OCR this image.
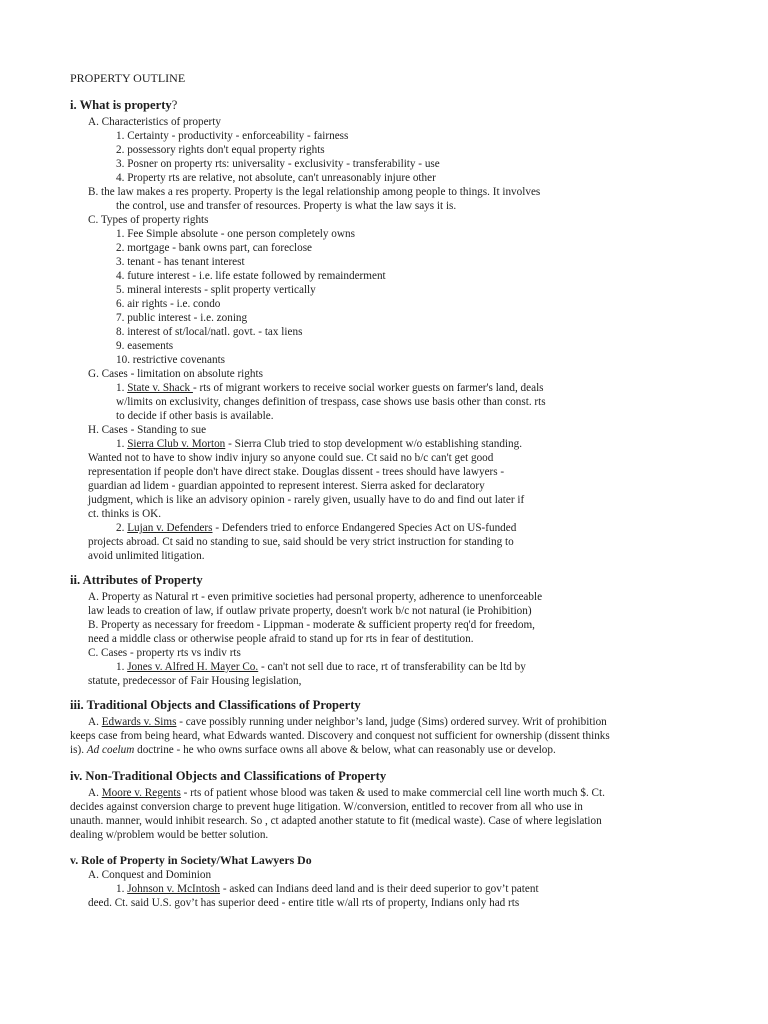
PROPERTY OUTLINE
i. What is property?
A. Characteristics of property
1. Certainty - productivity - enforceability - fairness
2. possessory rights don't equal property rights
3. Posner on property rts: universality - exclusivity - transferability - use
4. Property rts are relative, not absolute, can't unreasonably injure other
B. the law makes a res property. Property is the legal relationship among people to things. It involves
the control, use and transfer of resources. Property is what the law says it is.
C. Types of property rights
1. Fee Simple absolute - one person completely owns
2. mortgage - bank owns part, can foreclose
3. tenant - has tenant interest
4. future interest - i.e. life estate followed by remainderment
5. mineral interests - split property vertically
6. air rights - i.e. condo
7. public interest - i.e. zoning
8. interest of st/local/natl. govt. - tax liens
9. easements
10. restrictive covenants
G. Cases - limitation on absolute rights
1. State v. Shack - rts of migrant workers to receive social worker guests on farmer's land, deals
w/limits on exclusivity, changes definition of trespass, case shows use basis other than const. rts
to decide if other basis is available.
H. Cases - Standing to sue
1. Sierra Club v. Morton - Sierra Club tried to stop development w/o establishing standing.
Wanted not to have to show indiv injury so anyone could sue. Ct said no b/c can't get good
representation if people don't have direct stake. Douglas dissent - trees should have lawyers -
guardian ad lidem - guardian appointed to represent interest. Sierra asked for declaratory
judgment, which is like an advisory opinion - rarely given, usually have to do and find out later if
ct. thinks is OK.
2. Lujan v. Defenders - Defenders tried to enforce Endangered Species Act on US-funded
projects abroad. Ct said no standing to sue, said should be very strict instruction for standing to
avoid unlimited litigation.
ii. Attributes of Property
A. Property as Natural rt - even primitive societies had personal property, adherence to unenforceable
law leads to creation of law, if outlaw private property, doesn't work b/c not natural (ie Prohibition)
B. Property as necessary for freedom - Lippman - moderate & sufficient property req'd for freedom,
need a middle class or otherwise people afraid to stand up for rts in fear of destitution.
C. Cases - property rts vs indiv rts
1. Jones v. Alfred H. Mayer Co. - can't not sell due to race, rt of transferability can be ltd by
statute, predecessor of Fair Housing legislation,
iii. Traditional Objects and Classifications of Property
A. Edwards v. Sims - cave possibly running under neighbor’s land, judge (Sims) ordered survey. Writ of prohibition
keeps case from being heard, what Edwards wanted. Discovery and conquest not sufficient for ownership (dissent thinks
is). Ad coelum doctrine - he who owns surface owns all above & below, what can reasonably use or develop.
iv. Non-Traditional Objects and Classifications of Property
A. Moore v. Regents - rts of patient whose blood was taken & used to make commercial cell line worth much $. Ct.
decides against conversion charge to prevent huge litigation. W/conversion, entitled to recover from all who use in
unauth. manner, would inhibit research. So , ct adapted another statute to fit (medical waste). Case of where legislation
dealing w/problem would be better solution.
v. Role of Property in Society/What Lawyers Do
A. Conquest and Dominion
1. Johnson v. McIntosh - asked can Indians deed land and is their deed superior to gov’t patent
deed. Ct. said U.S. gov’t has superior deed - entire title w/all rts of property, Indians only had rts
